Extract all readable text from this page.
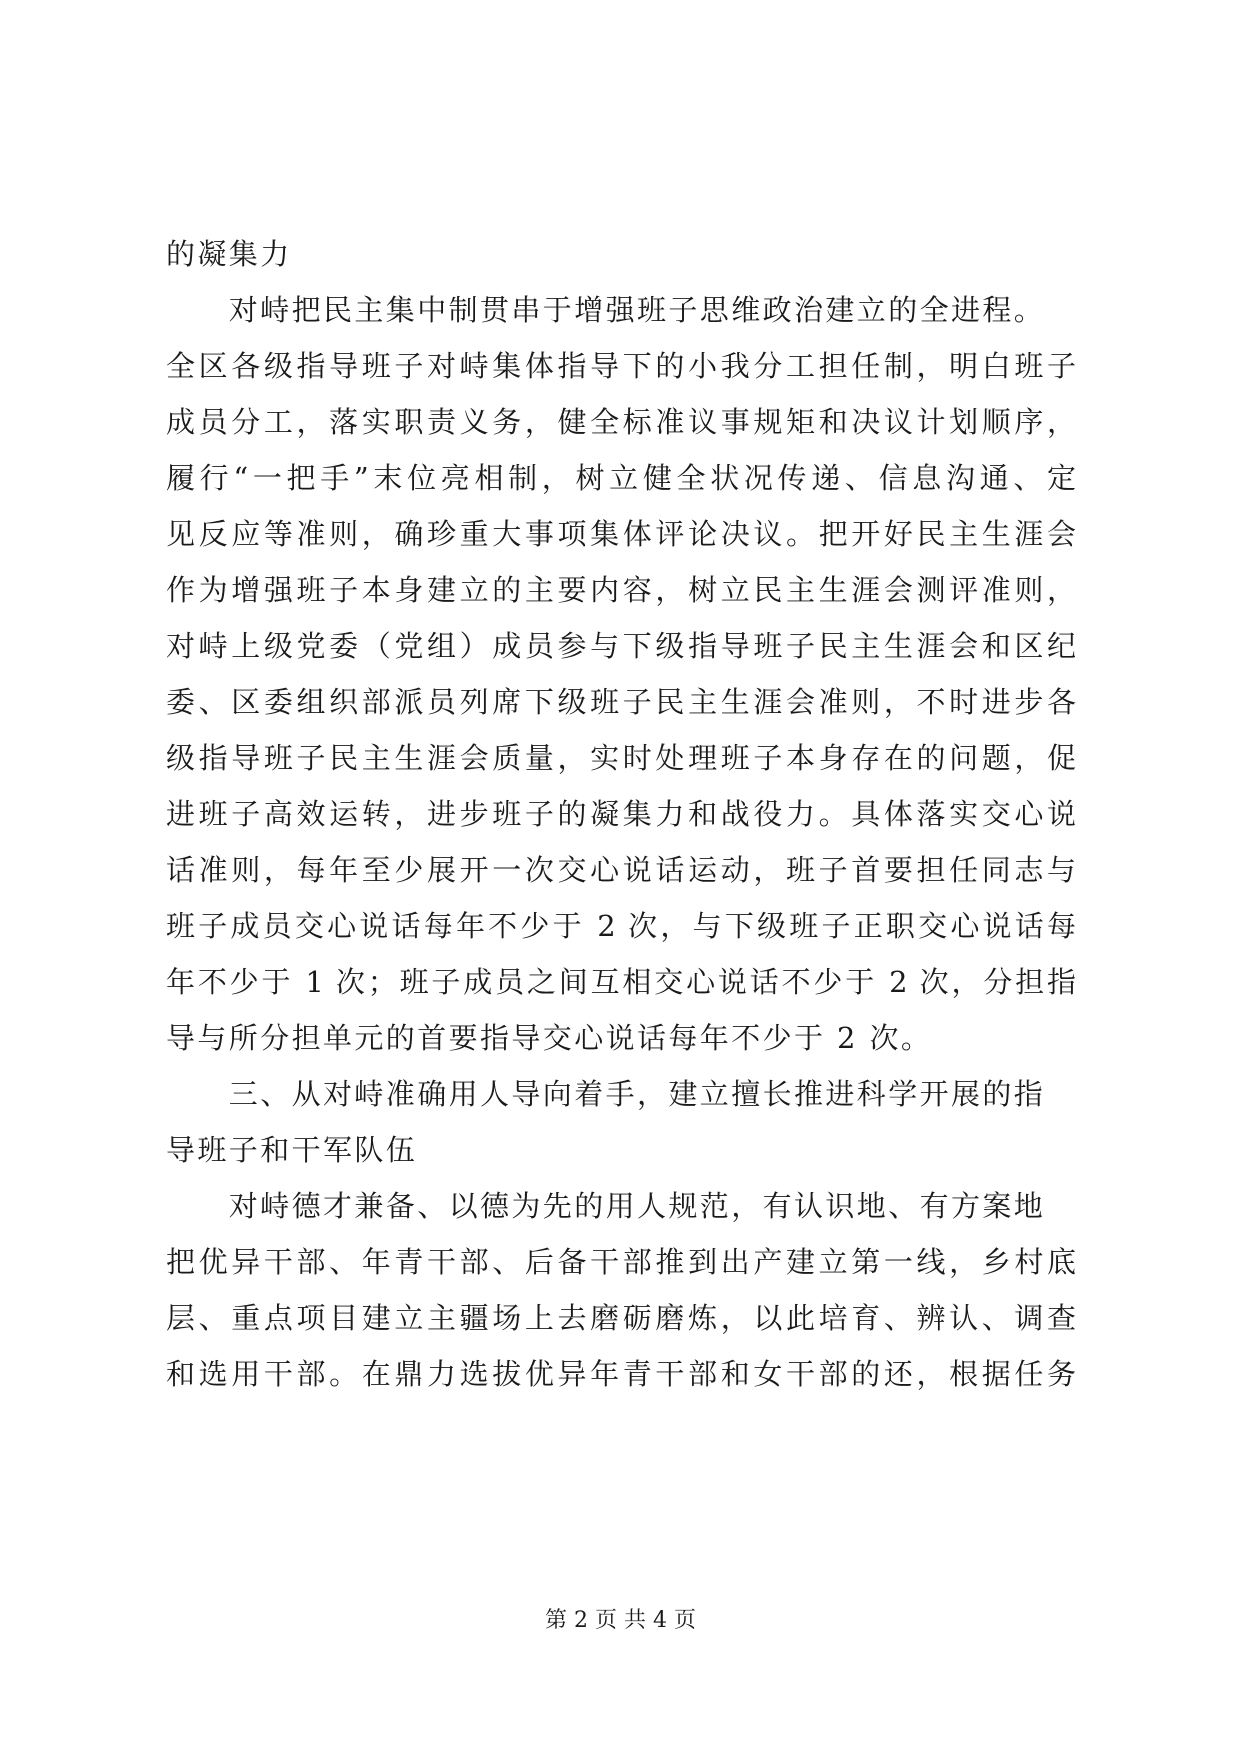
的凝集力
　　对峙把民主集中制贯串于增强班子思维政治建立的全进程。
全区各级指导班子对峙集体指导下的小我分工担任制，明白班子
成员分工，落实职责义务，健全标准议事规矩和决议计划顺序，
履行“一把手”末位亮相制，树立健全状况传递、信息沟通、定
见反应等准则，确珍重大事项集体评论决议。把开好民主生涯会
作为增强班子本身建立的主要内容，树立民主生涯会测评准则，
对峙上级党委（党组）成员参与下级指导班子民主生涯会和区纪
委、区委组织部派员列席下级班子民主生涯会准则，不时进步各
级指导班子民主生涯会质量，实时处理班子本身存在的问题，促
进班子高效运转，进步班子的凝集力和战役力。具体落实交心说
话准则，每年至少展开一次交心说话运动，班子首要担任同志与
班子成员交心说话每年不少于 2 次，与下级班子正职交心说话每
年不少于 1 次；班子成员之间互相交心说话不少于 2 次，分担指
导与所分担单元的首要指导交心说话每年不少于 2 次。
　　三、从对峙准确用人导向着手，建立擅长推进科学开展的指
导班子和干军队伍
　　对峙德才兼备、以德为先的用人规范，有认识地、有方案地
把优异干部、年青干部、后备干部推到出产建立第一线，乡村底
层、重点项目建立主疆场上去磨砺磨炼，以此培育、辨认、调查
和选用干部。在鼎力选拔优异年青干部和女干部的还，根据任务
第 2 页 共 4 页
